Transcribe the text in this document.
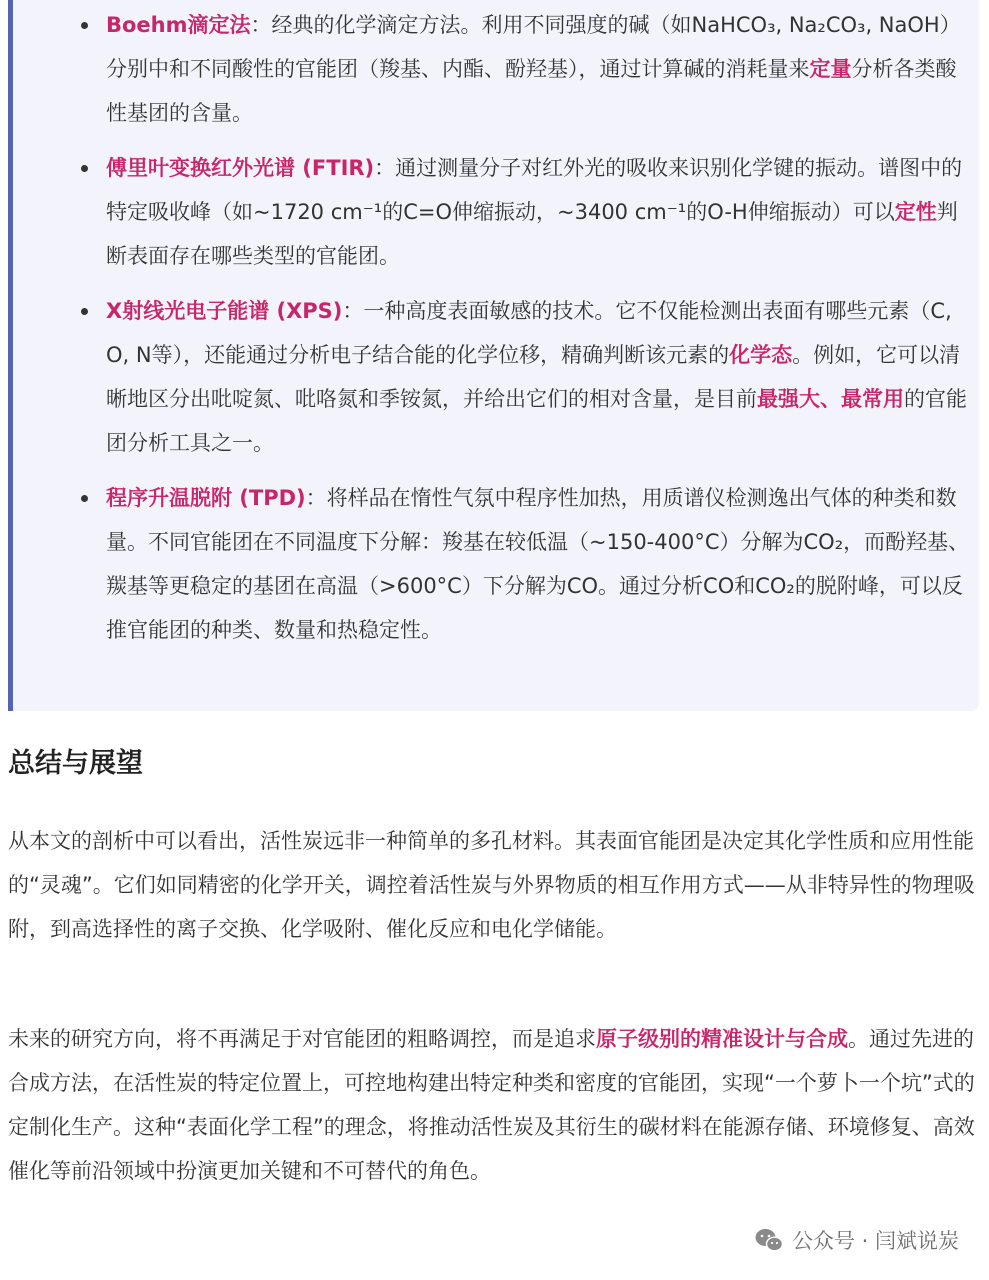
Boehm滴定法：经典的化学滴定方法。利用不同强度的碱（如NaHCO₃, Na₂CO₃, NaOH）分别中和不同酸性的官能团（羧基、内酯、酚羟基），通过计算碱的消耗量来定量分析各类酸性基团的含量。
傅里叶变换红外光谱 (FTIR)：通过测量分子对红外光的吸收来识别化学键的振动。谱图中的特定吸收峰（如~1720 cm⁻¹的C=O伸缩振动，~3400 cm⁻¹的O-H伸缩振动）可以定性判断表面存在哪些类型的官能团。
X射线光电子能谱 (XPS)：一种高度表面敏感的技术。它不仅能检测出表面有哪些元素（C, O, N等），还能通过分析电子结合能的化学位移，精确判断该元素的化学态。例如，它可以清晰地区分出吡啶氮、吡咯氮和季铵氮，并给出它们的相对含量，是目前最强大、最常用的官能团分析工具之一。
程序升温脱附 (TPD)：将样品在惰性气氛中程序性加热，用质谱仪检测逸出气体的种类和数量。不同官能团在不同温度下分解：羧基在较低温（~150-400°C）分解为CO₂，而酚羟基、羰基等更稳定的基团在高温（>600°C）下分解为CO。通过分析CO和CO₂的脱附峰，可以反推官能团的种类、数量和热稳定性。
总结与展望

从本文的剖析中可以看出，活性炭远非一种简单的多孔材料。其表面官能团是决定其化学性质和应用性能的“灵魂”。它们如同精密的化学开关，调控着活性炭与外界物质的相互作用方式——从非特异性的物理吸附，到高选择性的离子交换、化学吸附、催化反应和电化学储能。

未来的研究方向，将不再满足于对官能团的粗略调控，而是追求原子级别的精准设计与合成。通过先进的合成方法，在活性炭的特定位置上，可控地构建出特定种类和密度的官能团，实现“一个萝卜一个坑”式的定制化生产。这种“表面化学工程”的理念，将推动活性炭及其衍生的碳材料在能源存储、环境修复、高效催化等前沿领域中扮演更加关键和不可替代的角色。

公众号 · 闫斌说炭
